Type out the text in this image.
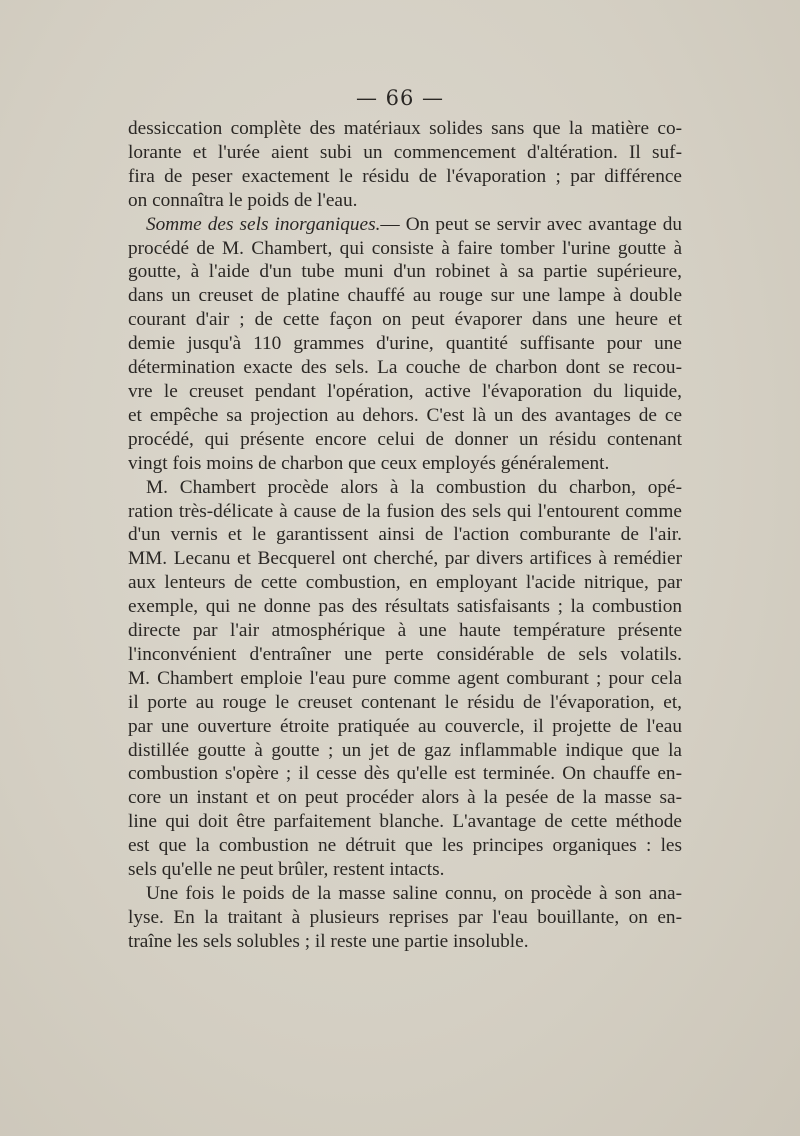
— 66 —

dessiccation complète des matériaux solides sans que la matière co-
lorante et l'urée aient subi un commencement d'altération. Il suf-
fira de peser exactement le résidu de l'évaporation ; par différence
on connaîtra le poids de l'eau.

Somme des sels inorganiques.— On peut se servir avec avantage du
procédé de M. Chambert, qui consiste à faire tomber l'urine goutte à
goutte, à l'aide d'un tube muni d'un robinet à sa partie supérieure,
dans un creuset de platine chauffé au rouge sur une lampe à double
courant d'air ; de cette façon on peut évaporer dans une heure et
demie jusqu'à 110 grammes d'urine, quantité suffisante pour une
détermination exacte des sels. La couche de charbon dont se recou-
vre le creuset pendant l'opération, active l'évaporation du liquide,
et empêche sa projection au dehors. C'est là un des avantages de ce
procédé, qui présente encore celui de donner un résidu contenant
vingt fois moins de charbon que ceux employés généralement.

M. Chambert procède alors à la combustion du charbon, opé-
ration très-délicate à cause de la fusion des sels qui l'entourent comme
d'un vernis et le garantissent ainsi de l'action comburante de l'air.
MM. Lecanu et Becquerel ont cherché, par divers artifices à remédier
aux lenteurs de cette combustion, en employant l'acide nitrique, par
exemple, qui ne donne pas des résultats satisfaisants ; la combustion
directe par l'air atmosphérique à une haute température présente
l'inconvénient d'entraîner une perte considérable de sels volatils.
M. Chambert emploie l'eau pure comme agent comburant ; pour cela
il porte au rouge le creuset contenant le résidu de l'évaporation, et,
par une ouverture étroite pratiquée au couvercle, il projette de l'eau
distillée goutte à goutte ; un jet de gaz inflammable indique que la
combustion s'opère ; il cesse dès qu'elle est terminée. On chauffe en-
core un instant et on peut procéder alors à la pesée de la masse sa-
line qui doit être parfaitement blanche. L'avantage de cette méthode
est que la combustion ne détruit que les principes organiques : les
sels qu'elle ne peut brûler, restent intacts.

Une fois le poids de la masse saline connu, on procède à son ana-
lyse. En la traitant à plusieurs reprises par l'eau bouillante, on en-
traîne les sels solubles ; il reste une partie insoluble.
